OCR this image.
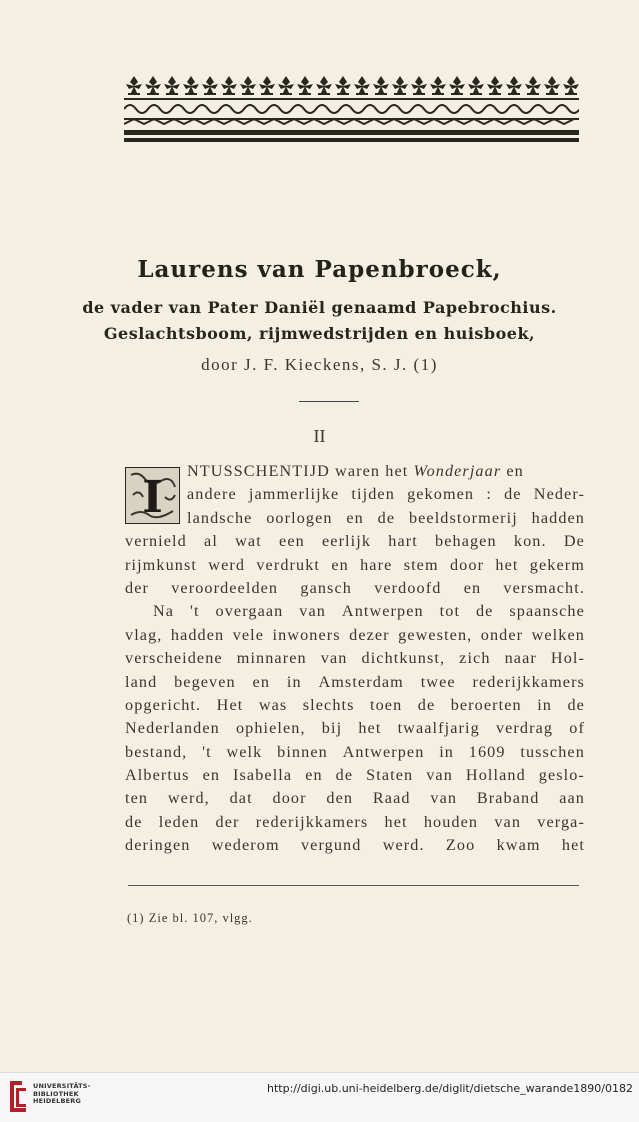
Laurens van Papenbroeck,
de vader van Pater Daniël genaamd Papebrochius.
Geslachtsboom, rijmwedstrijden en huisboek,
door J. F. Kieckens, S. J. (1)
II
I
NTUSSCHENTIJD waren het Wonderjaar en
andere jammerlijke tijden gekomen : de Neder-
landsche oorlogen en de beeldstormerij hadden
vernield al wat een eerlijk hart behagen kon. De
rijmkunst werd verdrukt en hare stem door het gekerm
der veroordeelden gansch verdoofd en versmacht.
Na 't overgaan van Antwerpen tot de spaansche
vlag, hadden vele inwoners dezer gewesten, onder welken
verscheidene minnaren van dichtkunst, zich naar Hol-
land begeven en in Amsterdam twee rederijkkamers
opgericht. Het was slechts toen de beroerten in de
Nederlanden ophielen, bij het twaalfjarig verdrag of
bestand, 't welk binnen Antwerpen in 1609 tusschen
Albertus en Isabella en de Staten van Holland geslo-
ten werd, dat door den Raad van Braband aan
de leden der rederijkkamers het houden van verga-
deringen wederom vergund werd. Zoo kwam het
(1) Zie bl. 107, vlgg.
UNIVERSITÄTS-
BIBLIOTHEK
HEIDELBERG
http://digi.ub.uni-heidelberg.de/diglit/dietsche_warande1890/0182
